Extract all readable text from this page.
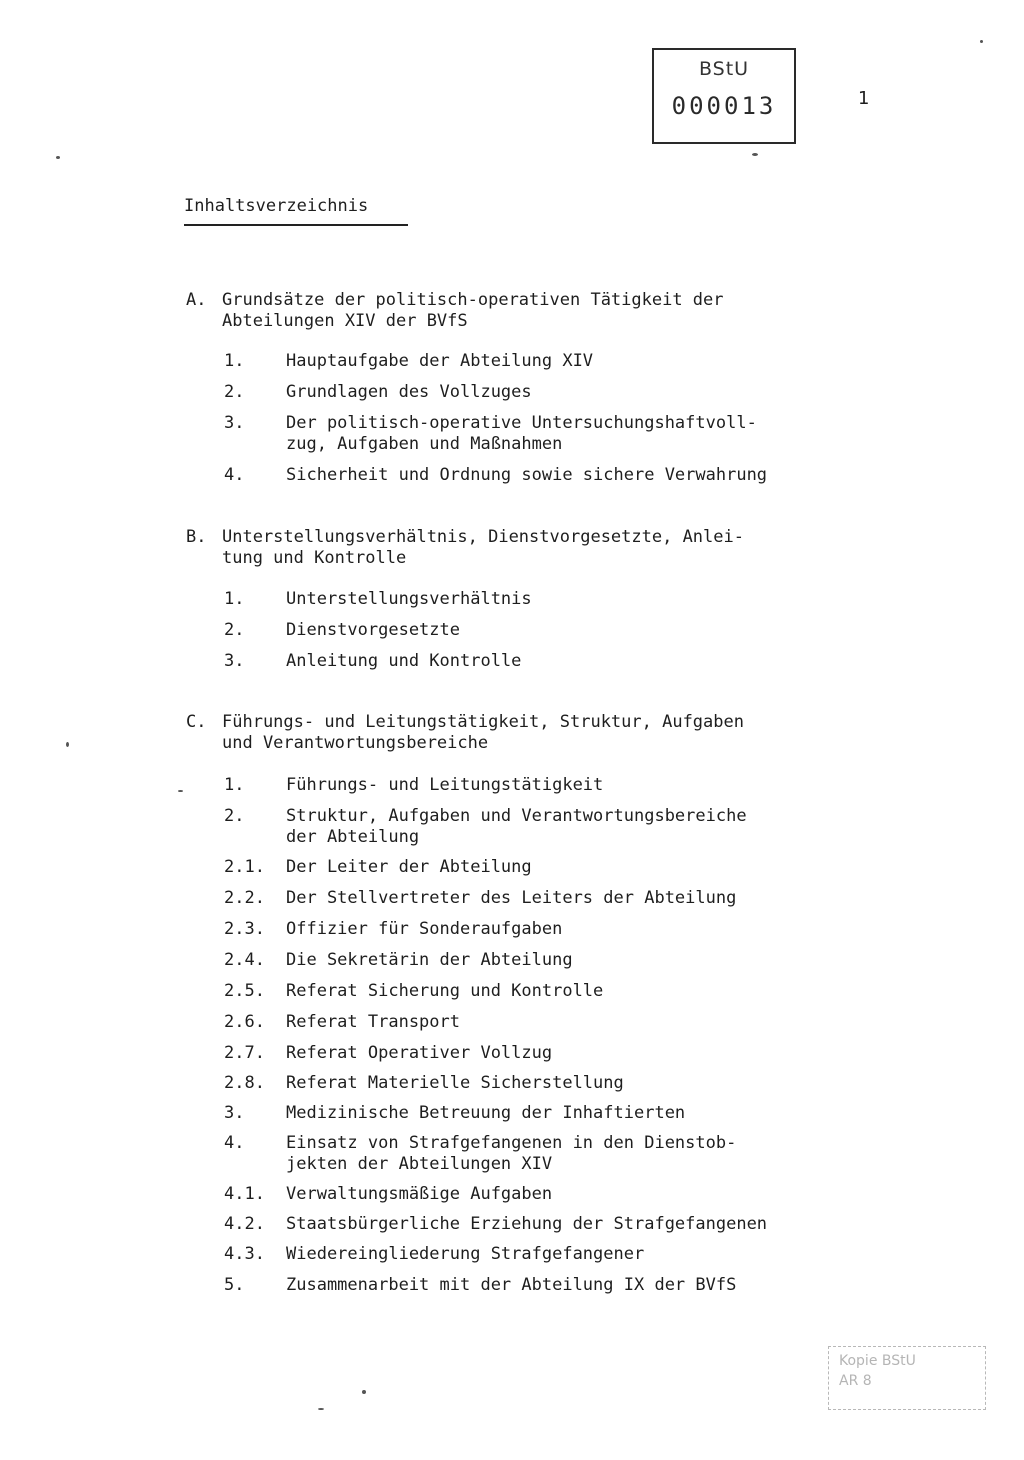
BStU
000013	1
Inhaltsverzeichnis
A. Grundsätze der politisch-operativen Tätigkeit der
Abteilungen XIV der BVfS
1. Hauptaufgabe der Abteilung XIV
2. Grundlagen des Vollzuges
3. Der politisch-operative Untersuchungshaftvoll-
zug, Aufgaben und Maßnahmen
4. Sicherheit und Ordnung sowie sichere Verwahrung
B. Unterstellungsverhältnis, Dienstvorgesetzte, Anlei-
tung und Kontrolle
1. Unterstellungsverhältnis
2. Dienstvorgesetzte
3. Anleitung und Kontrolle
C. Führungs- und Leitungstätigkeit, Struktur, Aufgaben
und Verantwortungsbereiche
1. Führungs- und Leitungstätigkeit
2. Struktur, Aufgaben und Verantwortungsbereiche
der Abteilung
2.1. Der Leiter der Abteilung
2.2. Der Stellvertreter des Leiters der Abteilung
2.3. Offizier für Sonderaufgaben
2.4. Die Sekretärin der Abteilung
2.5. Referat Sicherung und Kontrolle
2.6. Referat Transport
2.7. Referat Operativer Vollzug
2.8. Referat Materielle Sicherstellung
3. Medizinische Betreuung der Inhaftierten
4. Einsatz von Strafgefangenen in den Dienstob-
jekten der Abteilungen XIV
4.1. Verwaltungsmäßige Aufgaben
4.2. Staatsbürgerliche Erziehung der Strafgefangenen
4.3. Wiedereingliederung Strafgefangener
5. Zusammenarbeit mit der Abteilung IX der BVfS
Kopie BStU
AR 8
